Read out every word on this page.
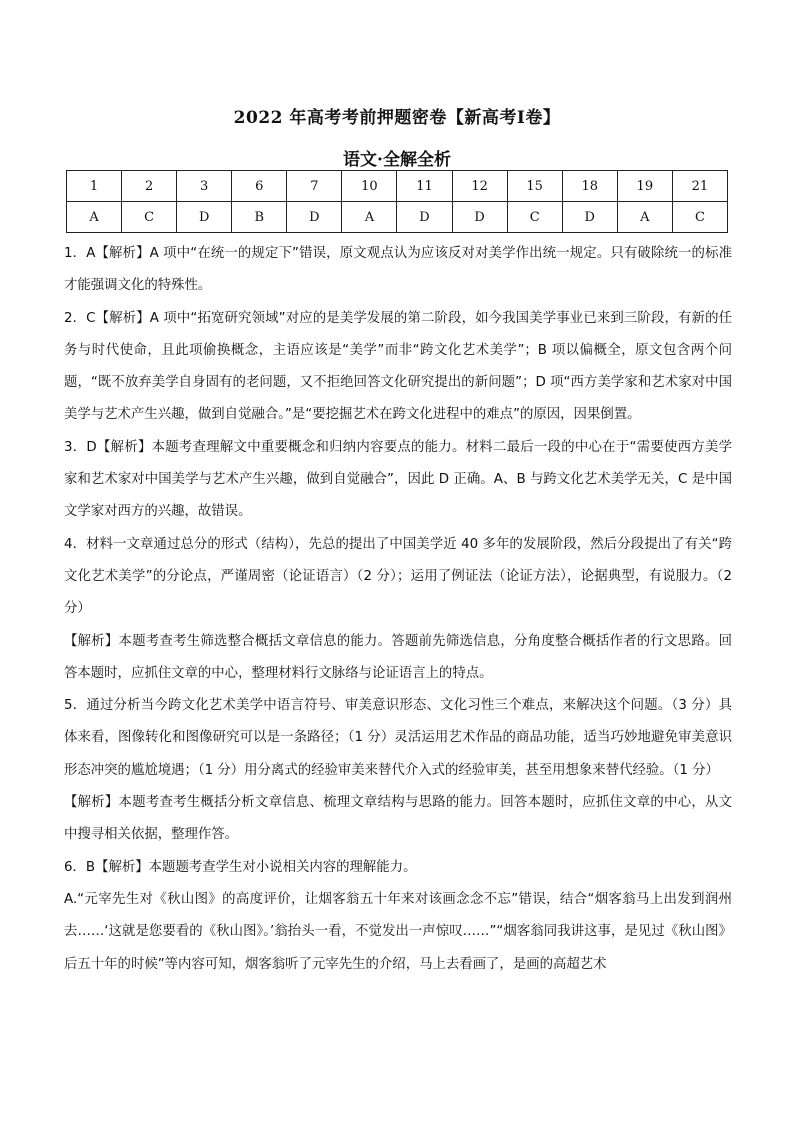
2022 年高考考前押题密卷【新高考Ⅰ卷】
语文·全解全析
1	2	3	6	7	10	11	12	15	18	19	21
A	C	D	B	D	A	D	D	C	D	A	C

1．A【解析】A 项中“在统一的规定下”错误，原文观点认为应该反对对美学作出统一规定。只有破除统一的标准才能强调文化的特殊性。

2．C【解析】A 项中“拓宽研究领域”对应的是美学发展的第二阶段，如今我国美学事业已来到三阶段，有新的任务与时代使命，且此项偷换概念，主语应该是“美学”而非“跨文化艺术美学”；B 项以偏概全，原文包含两个问题，“既不放弃美学自身固有的老问题，又不拒绝回答文化研究提出的新问题”；D 项“西方美学家和艺术家对中国美学与艺术产生兴趣，做到自觉融合。”是“要挖掘艺术在跨文化进程中的难点”的原因，因果倒置。

3．D【解析】本题考查理解文中重要概念和归纳内容要点的能力。材料二最后一段的中心在于“需要使西方美学家和艺术家对中国美学与艺术产生兴趣，做到自觉融合”，因此 D 正确。A、B 与跨文化艺术美学无关，C 是中国文学家对西方的兴趣，故错误。

4．材料一文章通过总分的形式（结构），先总的提出了中国美学近 40 多年的发展阶段，然后分段提出了有关“跨文化艺术美学”的分论点，严谨周密（论证语言）（2 分）；运用了例证法（论证方法），论据典型，有说服力。（2 分）

【解析】本题考查考生筛选整合概括文章信息的能力。答题前先筛选信息，分角度整合概括作者的行文思路。回答本题时，应抓住文章的中心，整理材料行文脉络与论证语言上的特点。

5．通过分析当今跨文化艺术美学中语言符号、审美意识形态、文化习性三个难点，来解决这个问题。（3 分）具体来看，图像转化和图像研究可以是一条路径；（1 分）灵活运用艺术作品的商品功能，适当巧妙地避免审美意识形态冲突的尴尬境遇；（1 分）用分离式的经验审美来替代介入式的经验审美，甚至用想象来替代经验。（1 分）

【解析】本题考查考生概括分析文章信息、梳理文章结构与思路的能力。回答本题时，应抓住文章的中心，从文中搜寻相关依据，整理作答。

6．B【解析】本题题考查学生对小说相关内容的理解能力。

A.“元宰先生对《秋山图》的高度评价，让烟客翁五十年来对该画念念不忘”错误，结合“烟客翁马上出发到润州去……‘这就是您要看的《秋山图》。’翁抬头一看，不觉发出一声惊叹……”“烟客翁同我讲这事，是见过《秋山图》后五十年的时候”等内容可知，烟客翁听了元宰先生的介绍，马上去看画了，是画的高超艺术
